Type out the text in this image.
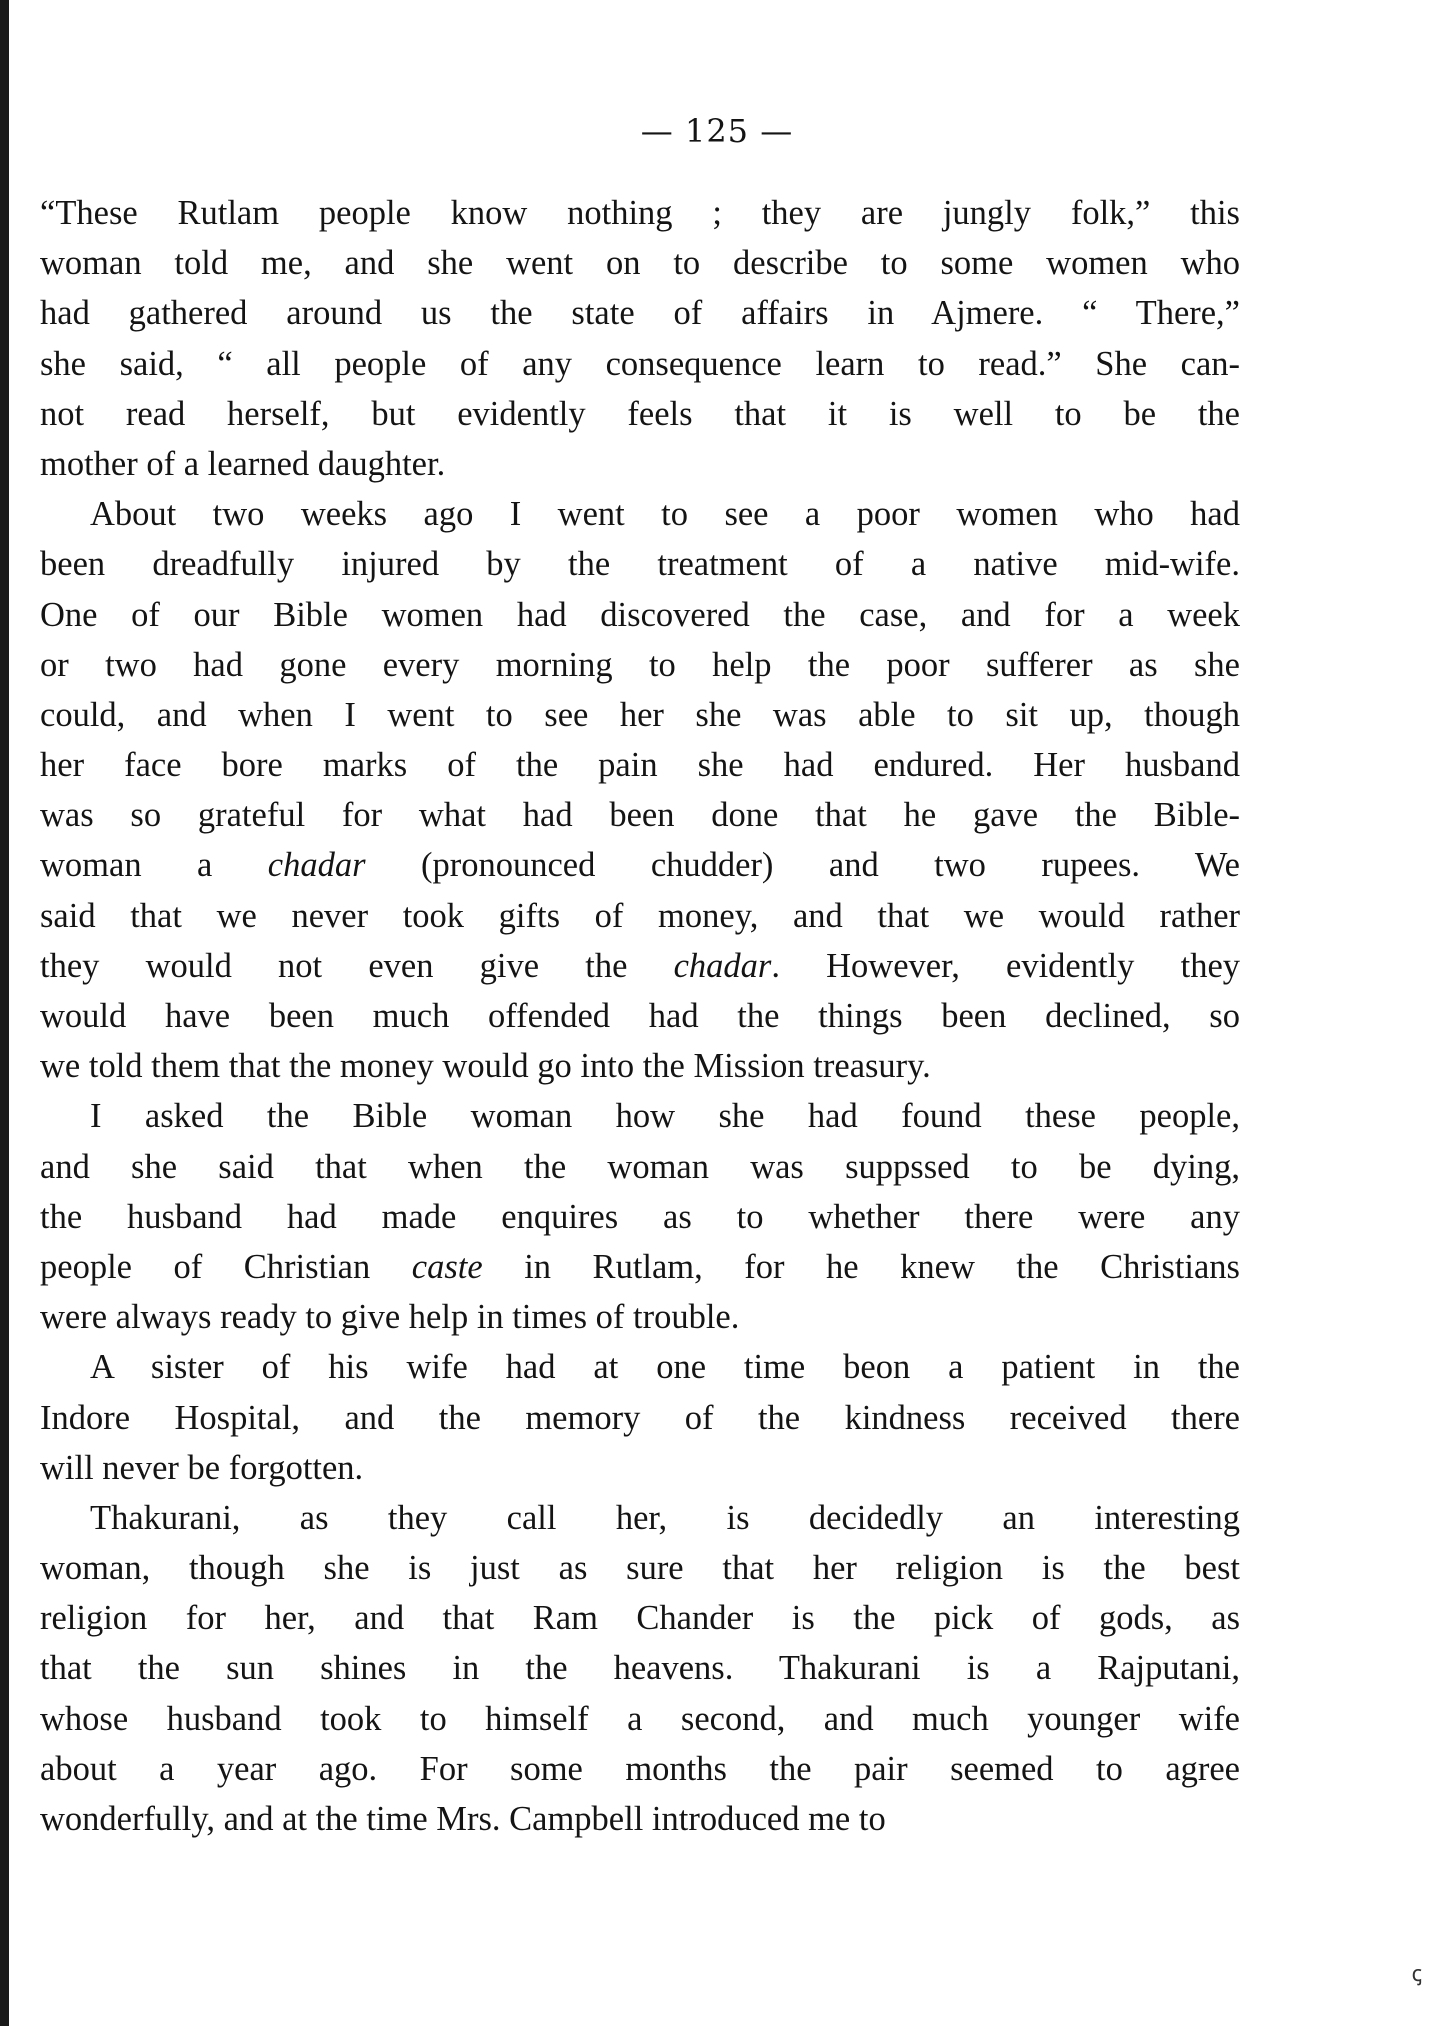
— 125 —
“These Rutlam people know nothing ; they are jungly folk,” this
woman told me, and she went on to describe to some women who
had gathered around us the state of affairs in Ajmere. “ There,”
she said, “ all people of any consequence learn to read.” She can-
not read herself, but evidently feels that it is well to be the
mother of a learned daughter.
About two weeks ago I went to see a poor women who had
been dreadfully injured by the treatment of a native mid-wife.
One of our Bible women had discovered the case, and for a week
or two had gone every morning to help the poor sufferer as she
could, and when I went to see her she was able to sit up, though
her face bore marks of the pain she had endured. Her husband
was so grateful for what had been done that he gave the Bible-
woman a chadar (pronounced chudder) and two rupees. We
said that we never took gifts of money, and that we would rather
they would not even give the chadar. However, evidently they
would have been much offended had the things been declined, so
we told them that the money would go into the Mission treasury.
I asked the Bible woman how she had found these people,
and she said that when the woman was suppssed to be dying,
the husband had made enquires as to whether there were any
people of Christian caste in Rutlam, for he knew the Christians
were always ready to give help in times of trouble.
A sister of his wife had at one time beon a patient in the
Indore Hospital, and the memory of the kindness received there
will never be forgotten.
Thakurani, as they call her, is decidedly an interesting
woman, though she is just as sure that her religion is the best
religion for her, and that Ram Chander is the pick of gods, as
that the sun shines in the heavens. Thakurani is a Rajputani,
whose husband took to himself a second, and much younger wife
about a year ago. For some months the pair seemed to agree
wonderfully, and at the time Mrs. Campbell introduced me to
ꞔ
